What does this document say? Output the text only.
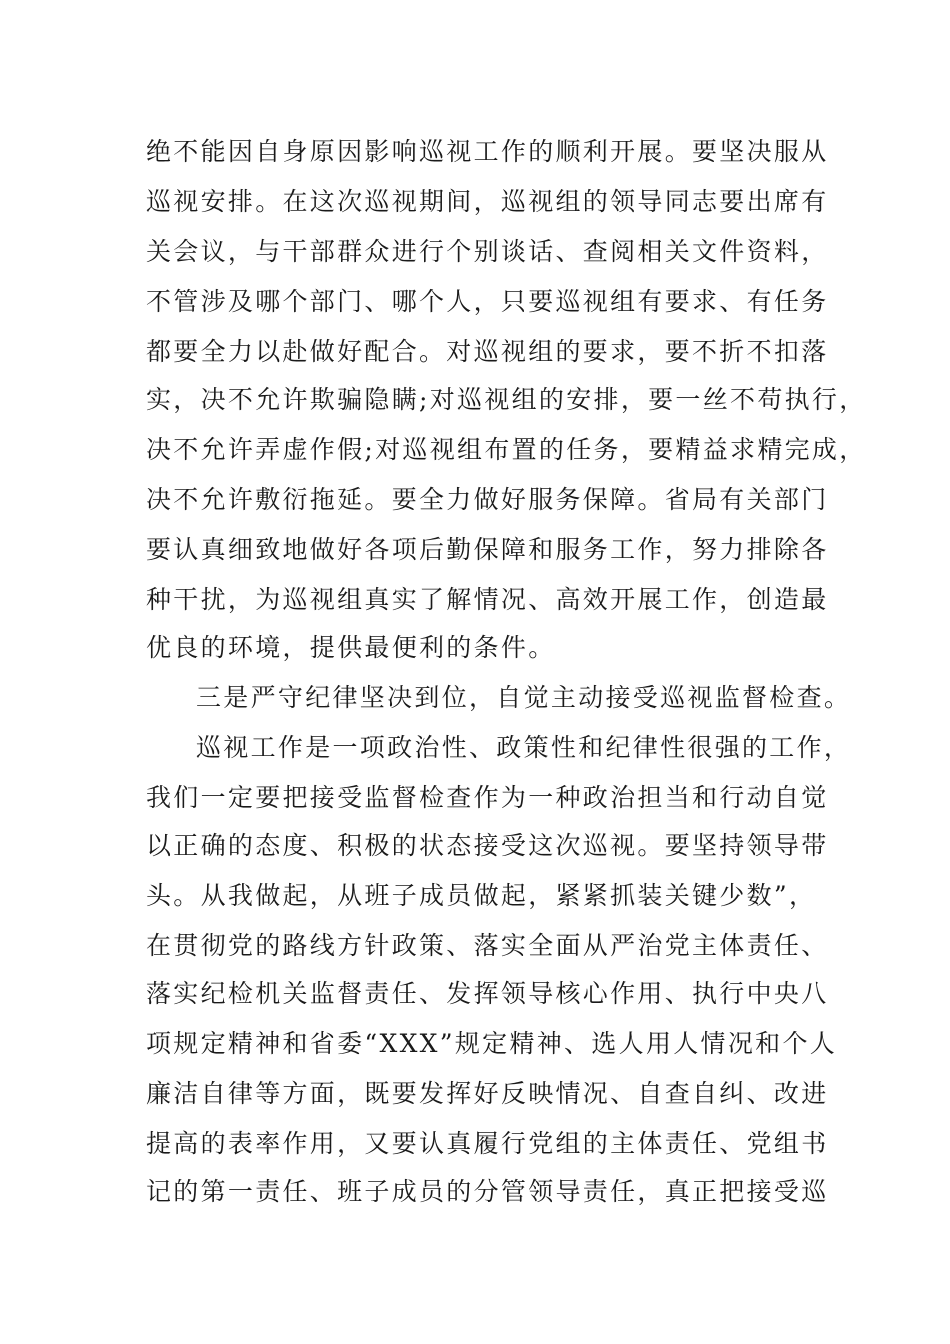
绝不能因自身原因影响巡视工作的顺利开展。要坚决服从
巡视安排。在这次巡视期间，巡视组的领导同志要出席有
关会议，与干部群众进行个别谈话、查阅相关文件资料，
不管涉及哪个部门、哪个人，只要巡视组有要求、有任务
都要全力以赴做好配合。对巡视组的要求，要不折不扣落
实，决不允许欺骗隐瞒;对巡视组的安排，要一丝不苟执行，
决不允许弄虚作假;对巡视组布置的任务，要精益求精完成，
决不允许敷衍拖延。要全力做好服务保障。省局有关部门
要认真细致地做好各项后勤保障和服务工作，努力排除各
种干扰，为巡视组真实了解情况、高效开展工作，创造最
优良的环境，提供最便利的条件。
三是严守纪律坚决到位，自觉主动接受巡视监督检查。
巡视工作是一项政治性、政策性和纪律性很强的工作，
我们一定要把接受监督检查作为一种政治担当和行动自觉
以正确的态度、积极的状态接受这次巡视。要坚持领导带
头。从我做起，从班子成员做起，紧紧抓装关键少数”，
在贯彻党的路线方针政策、落实全面从严治党主体责任、
落实纪检机关监督责任、发挥领导核心作用、执行中央八
项规定精神和省委“XXX”规定精神、选人用人情况和个人
廉洁自律等方面，既要发挥好反映情况、自查自纠、改进
提高的表率作用，又要认真履行党组的主体责任、党组书
记的第一责任、班子成员的分管领导责任，真正把接受巡
